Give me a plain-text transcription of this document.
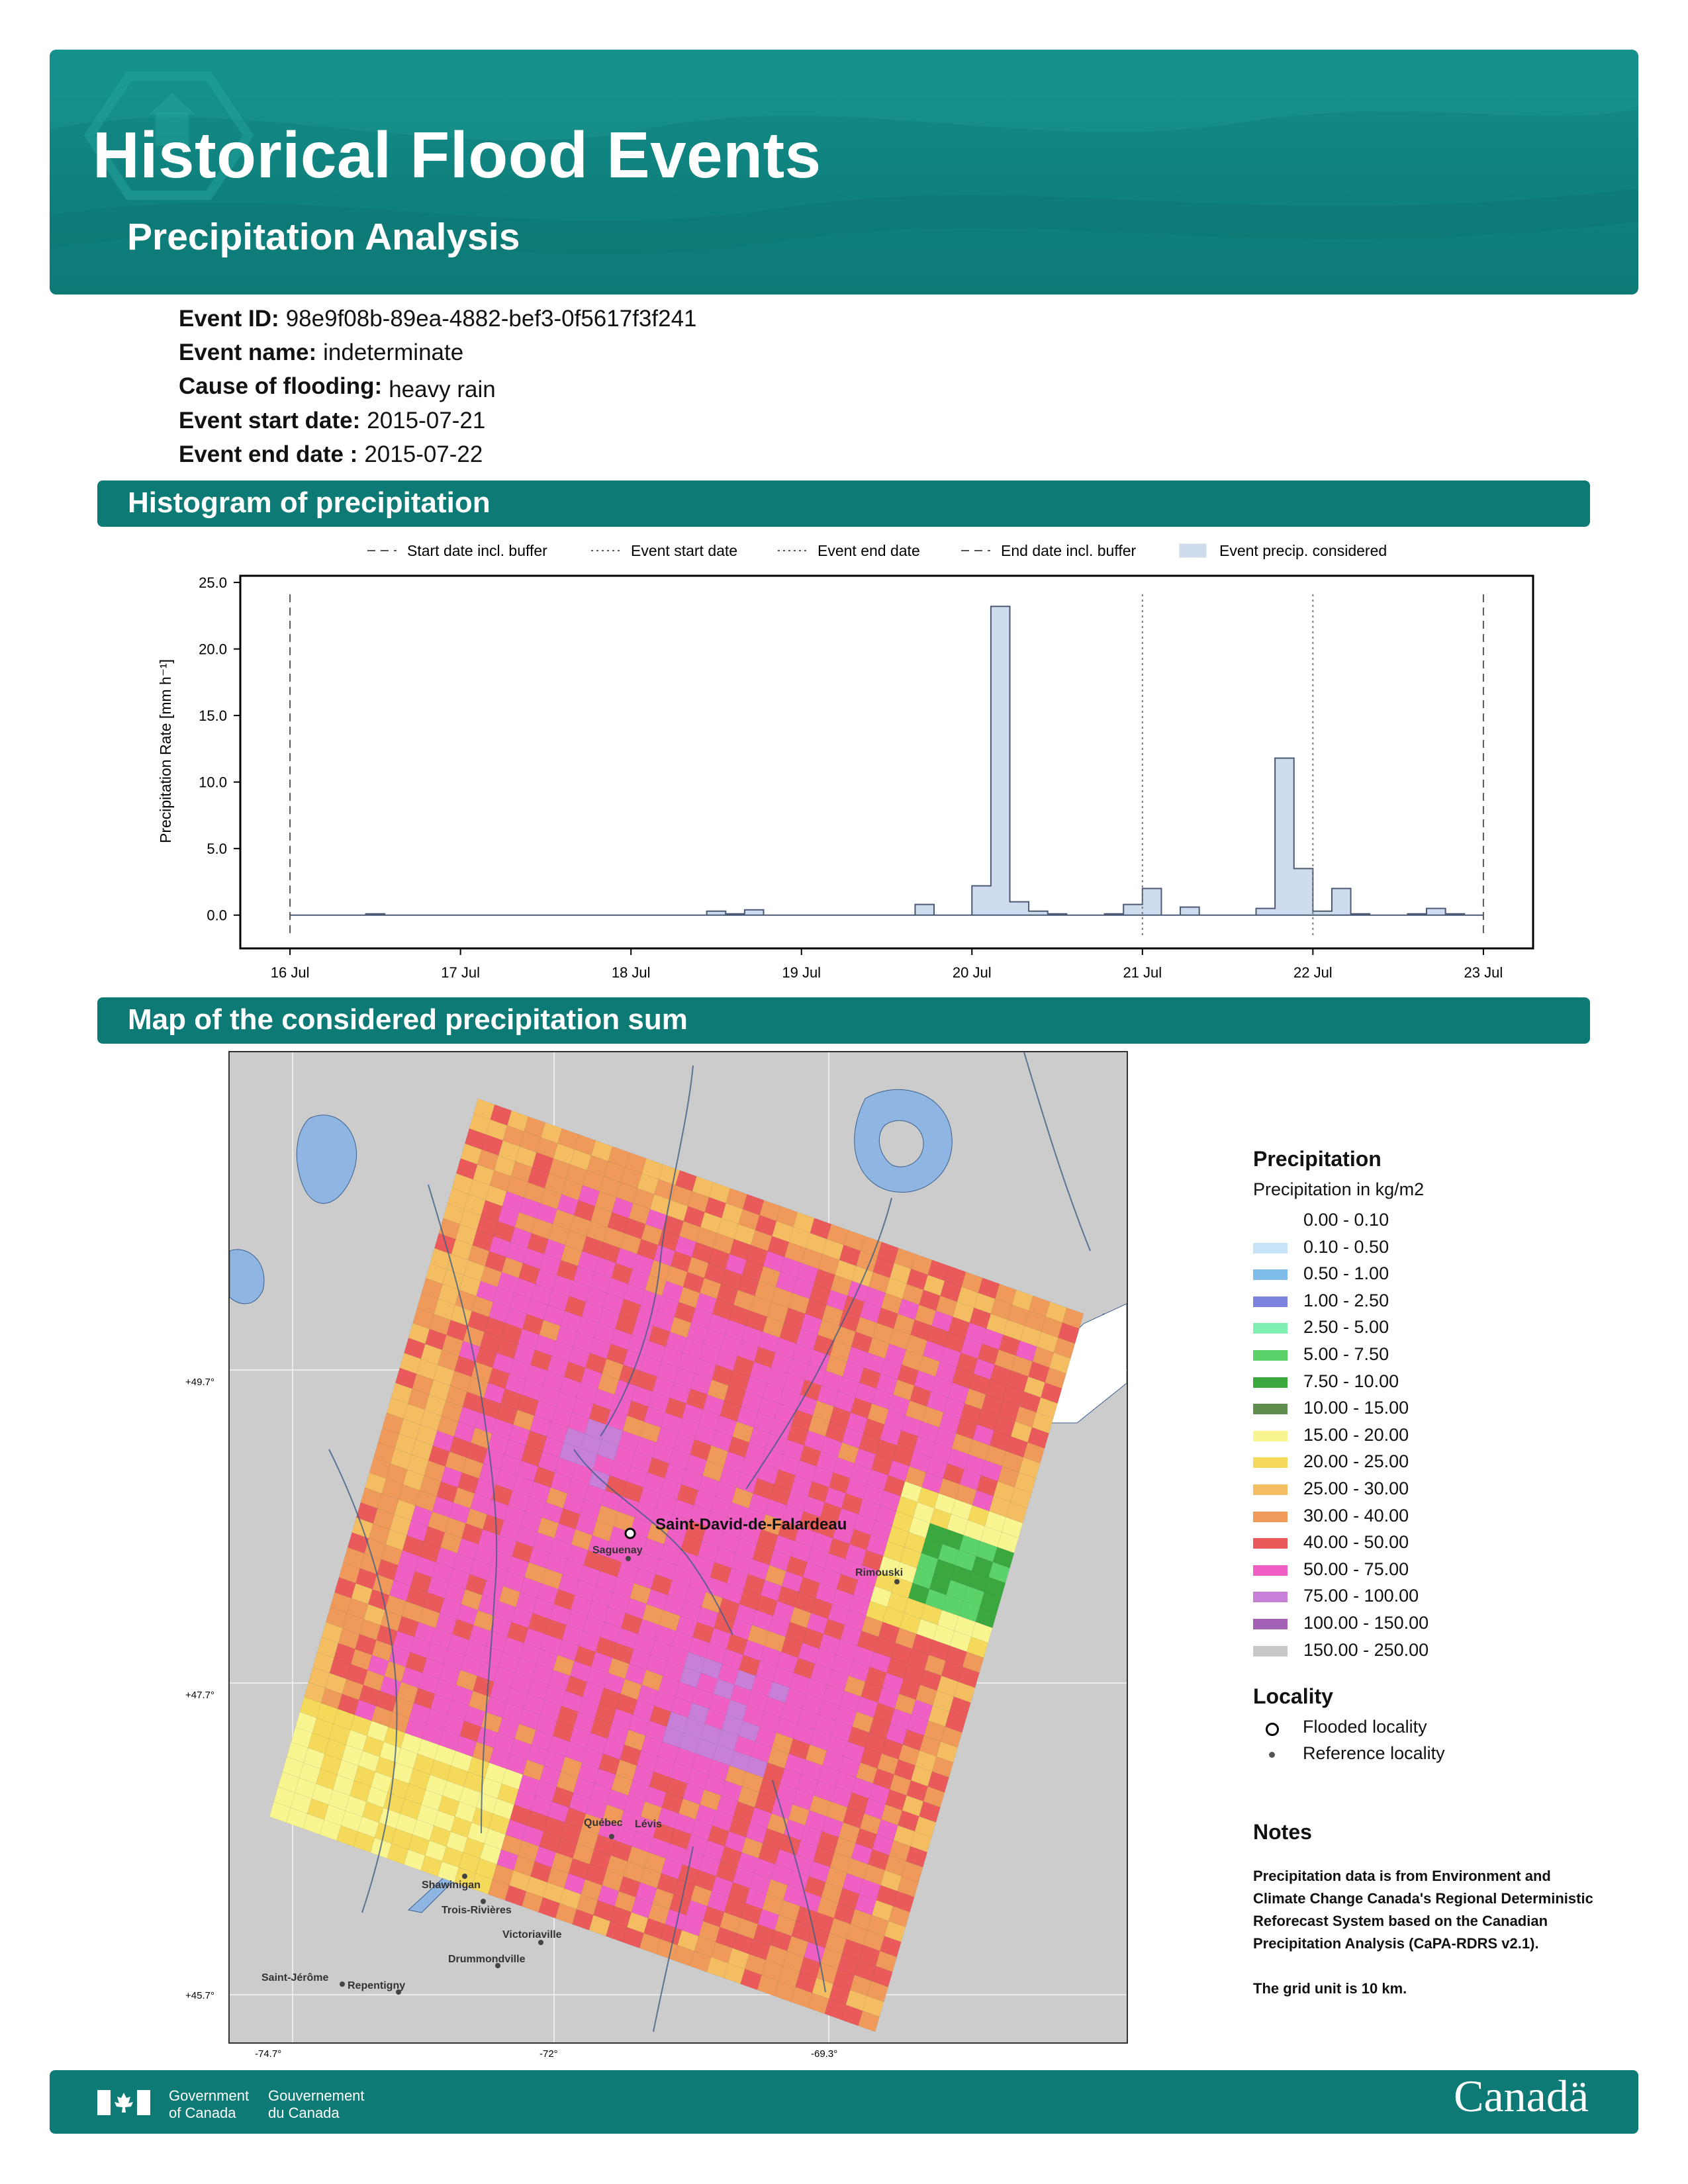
Historical Flood Events
Precipitation Analysis
Event ID: 98e9f08b-89ea-4882-bef3-0f5617f3f241
Event name: indeterminate
Cause of flooding: heavy rain
Event start date: 2015-07-21
Event end date : 2015-07-22
Histogram of precipitation
Start date incl. buffer	Event start date	Event end date	End date incl. buffer	Event precip. considered
0.0
5.0
10.0
15.0
20.0
25.0
16 Jul	17 Jul	18 Jul	19 Jul	20 Jul	21 Jul	22 Jul	23 Jul
Precipitation Rate [mm h⁻¹]
Map of the considered precipitation sum
Saint-David-de-Falardeau
Saguenay
Rimouski
Québec Lévis
Shawinigan
Trois-Rivières
Victoriaville
Drummondville
Saint-Jérôme
Repentigny
+49.7°
+47.7°
+45.7°
-74.7°	-72°	-69.3°
Precipitation
Precipitation in kg/m2
0.00 - 0.10
0.10 - 0.50
0.50 - 1.00
1.00 - 2.50
2.50 - 5.00
5.00 - 7.50
7.50 - 10.00
10.00 - 15.00
15.00 - 20.00
20.00 - 25.00
25.00 - 30.00
30.00 - 40.00
40.00 - 50.00
50.00 - 75.00
75.00 - 100.00
100.00 - 150.00
150.00 - 250.00
Locality
Flooded locality
Reference locality
Notes
Precipitation data is from Environment and Climate Change Canada's Regional Deterministic Reforecast System based on the Canadian Precipitation Analysis (CaPA-RDRS v2.1).
The grid unit is 10 km.
Government
of Canada
Gouvernement
du Canada	Canadä
